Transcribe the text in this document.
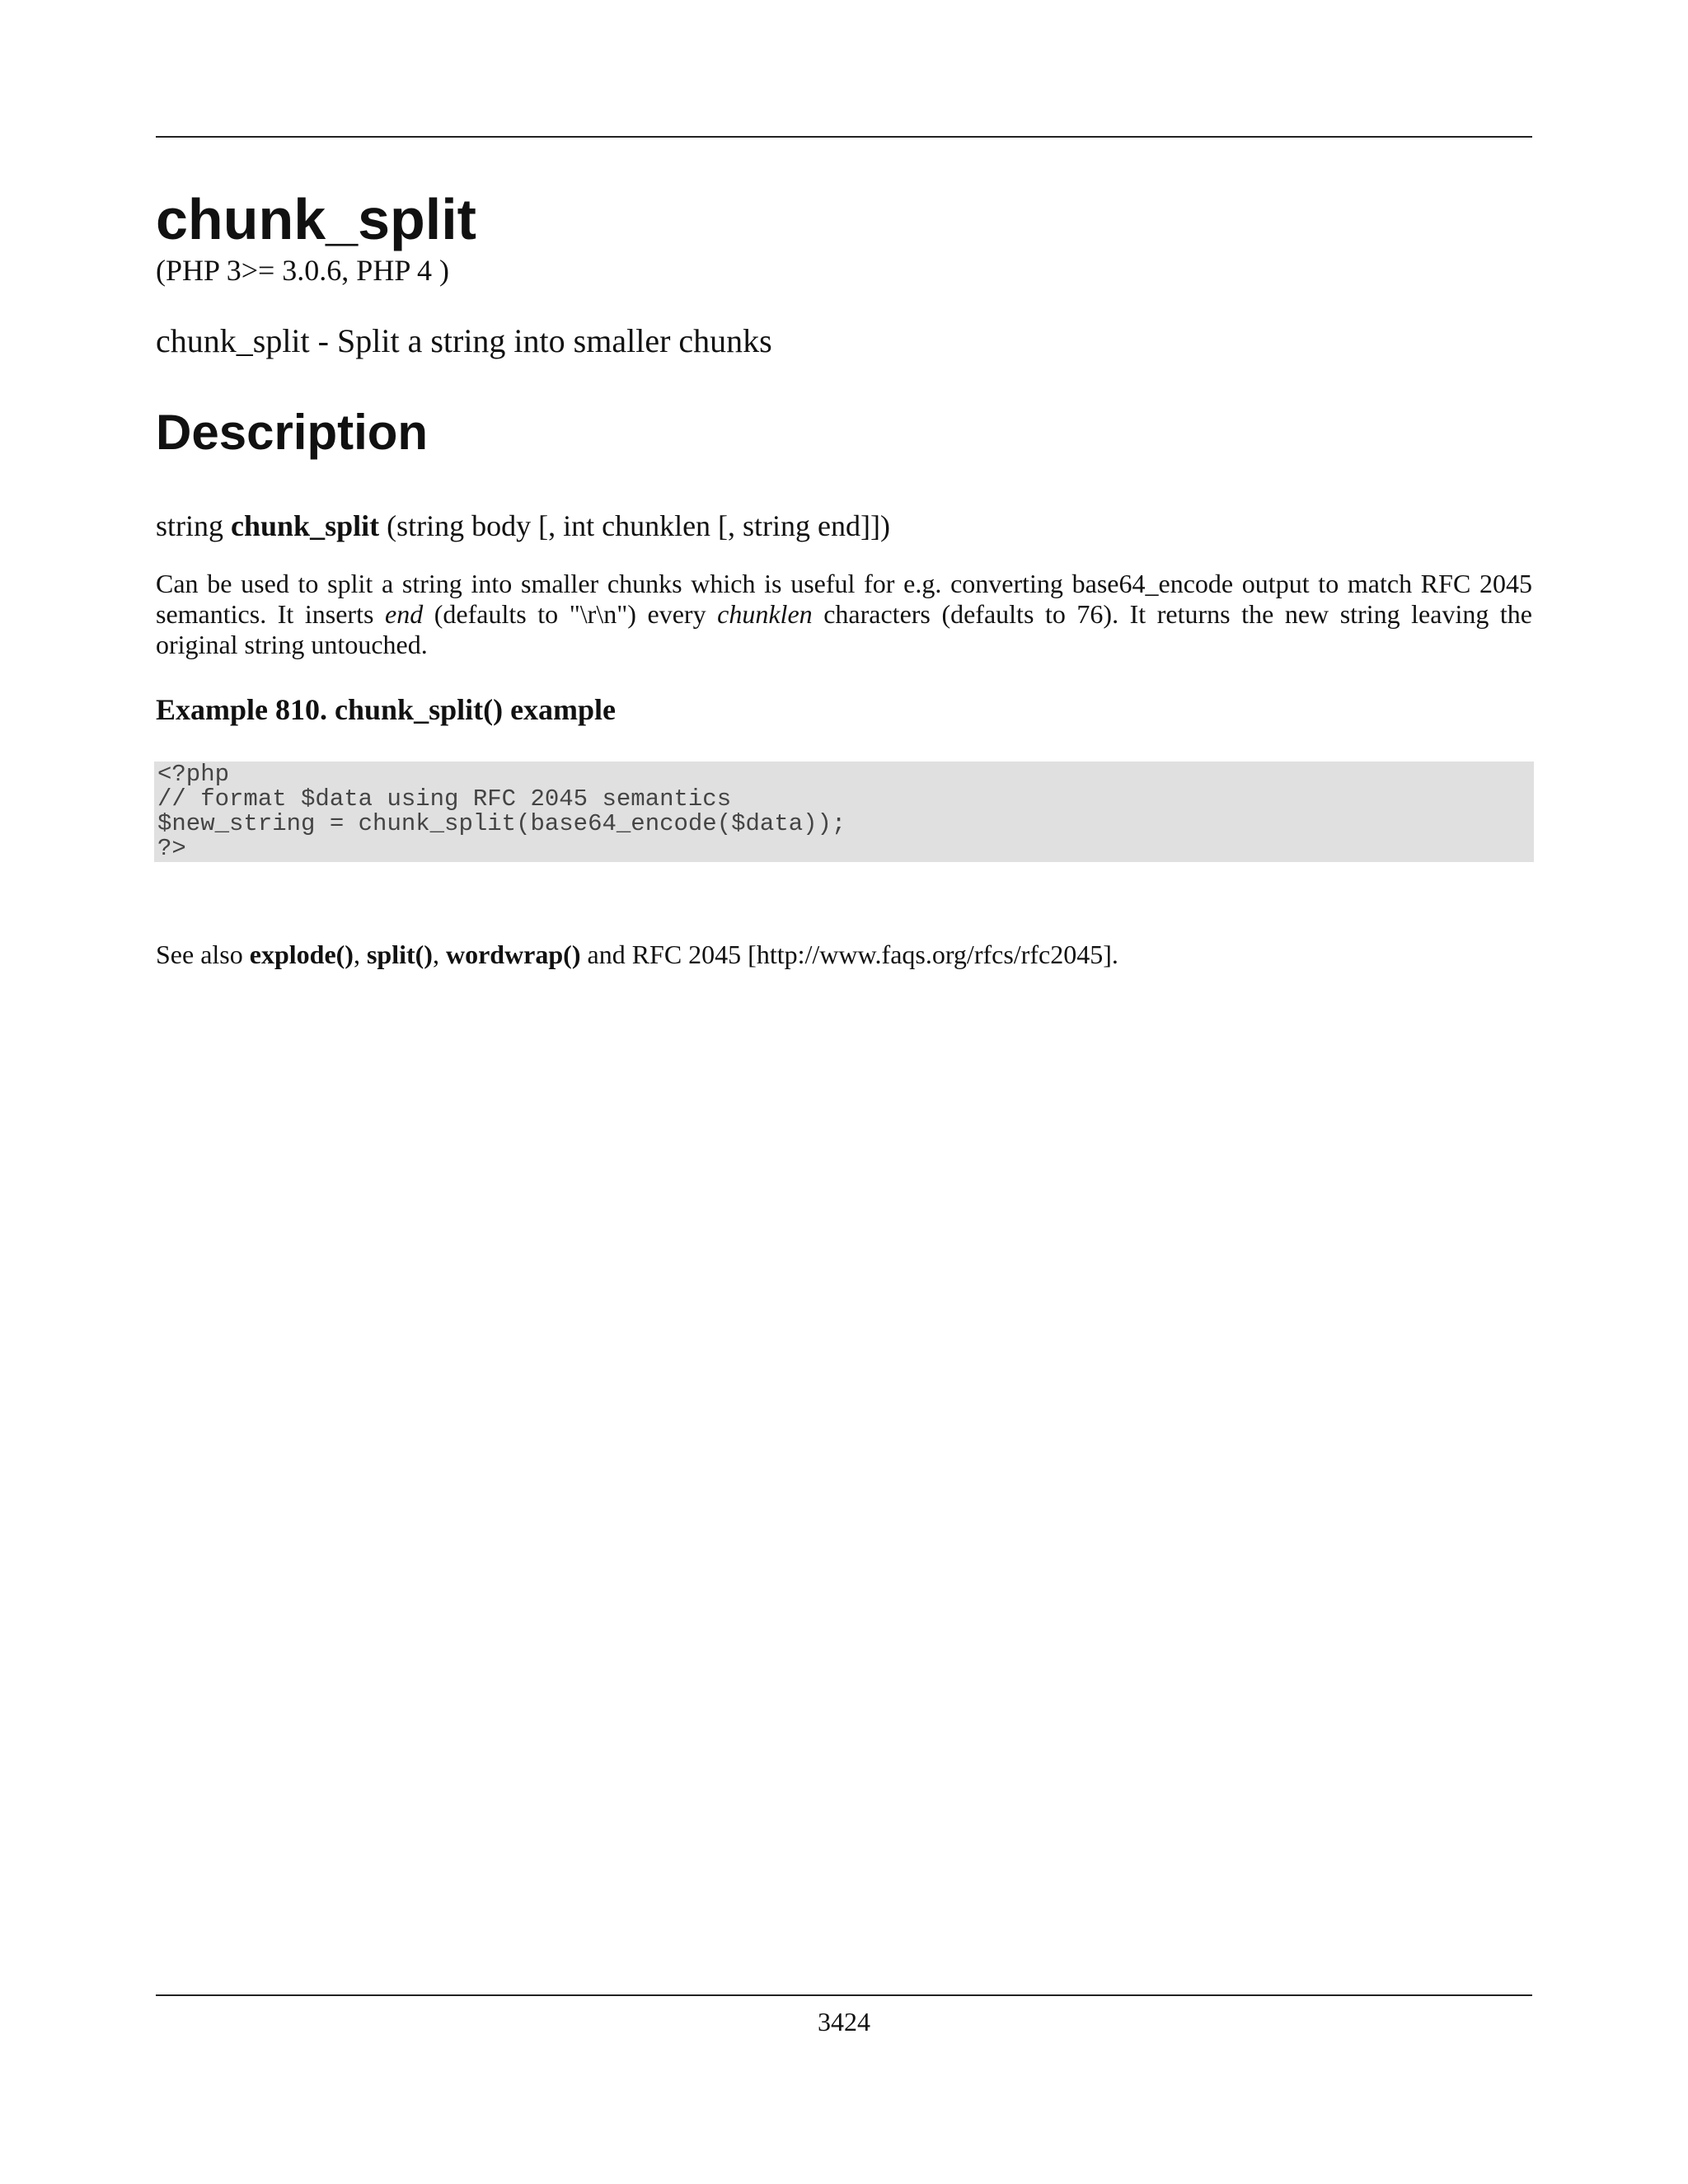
chunk_split
(PHP 3>= 3.0.6, PHP 4 )
chunk_split - Split a string into smaller chunks
Description
string chunk_split (string body [, int chunklen [, string end]])
Can be used to split a string into smaller chunks which is useful for e.g. converting base64_encode output to match RFC 2045 semantics. It inserts end (defaults to "\r\n") every chunklen characters (defaults to 76). It returns the new string leaving the original string untouched.
Example 810. chunk_split() example
<?php
// format $data using RFC 2045 semantics
$new_string = chunk_split(base64_encode($data));
?>
See also explode(), split(), wordwrap() and RFC 2045 [http://www.faqs.org/rfcs/rfc2045].
3424
